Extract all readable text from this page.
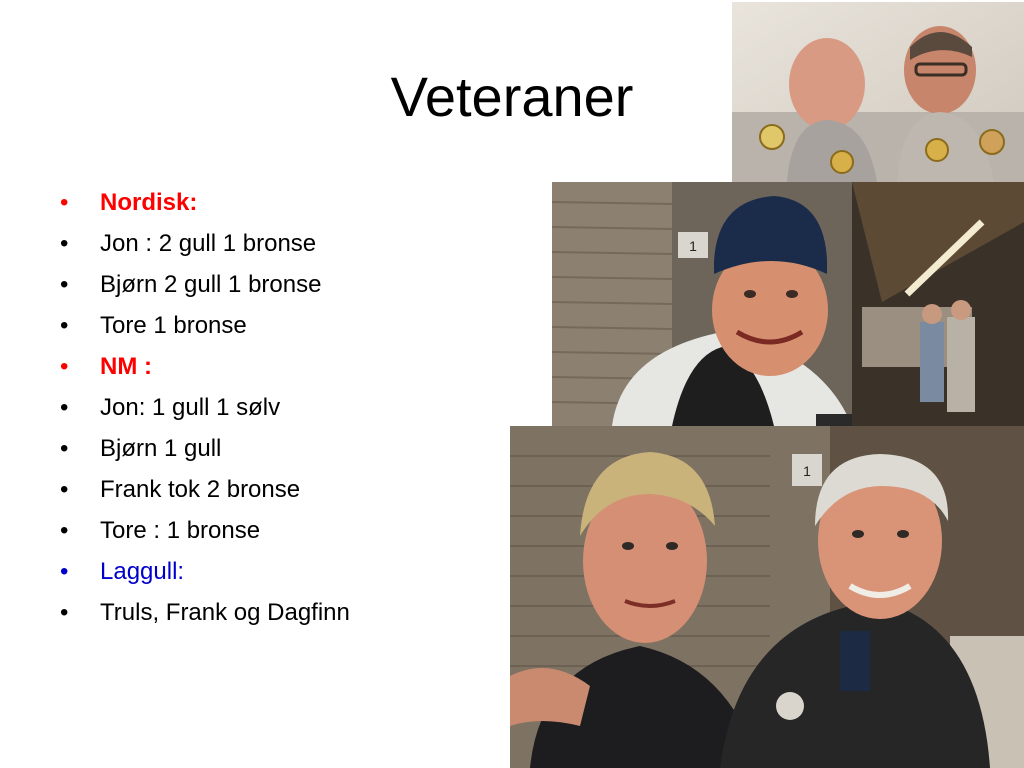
Veteraner
•	Nordisk:
•	Jon : 2 gull 1 bronse
•	Bjørn 2 gull 1 bronse
•	Tore 1 bronse
•	NM :
•	Jon: 1 gull 1 sølv
•	Bjørn 1 gull
•	Frank tok 2 bronse
•	Tore : 1 bronse
•	Laggull:
•	Truls, Frank og Dagfinn
1
1
